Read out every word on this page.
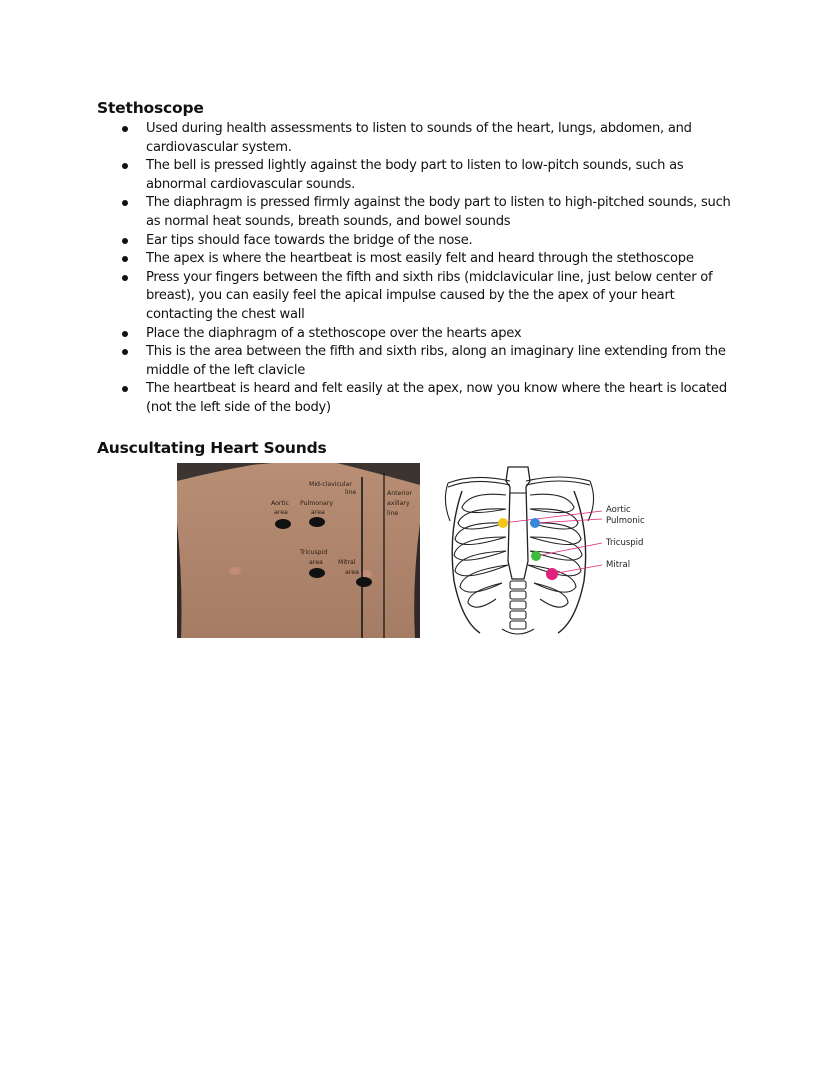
Stethoscope
Used during health assessments to listen to sounds of the heart, lungs, abdomen, and cardiovascular system.
The bell is pressed lightly against the body part to listen to low-pitch sounds, such as abnormal cardiovascular sounds.
The diaphragm is pressed firmly against the body part to listen to high-pitched sounds, such as normal heat sounds, breath sounds, and bowel sounds
Ear tips should face towards the bridge of the nose.
The apex is where the heartbeat is most easily felt and heard through the stethoscope
Press your fingers between the fifth and sixth ribs (midclavicular line, just below center of breast), you can easily feel the apical impulse caused by the the apex of your heart contacting the chest wall
Place the diaphragm of a stethoscope over the hearts apex
This is the area between the fifth and sixth ribs, along an imaginary line extending from the middle of the left clavicle
The heartbeat is heard and felt easily at the apex, now you know where the heart is located (not the left side of the body)
Auscultating Heart Sounds
Mid-clavicular
line	Anterior
axillary
line
Aortic
area
Pulmonary
area
Tricuspid
area Mitral
area
Aortic
Pulmonic
Tricuspid
Mitral
